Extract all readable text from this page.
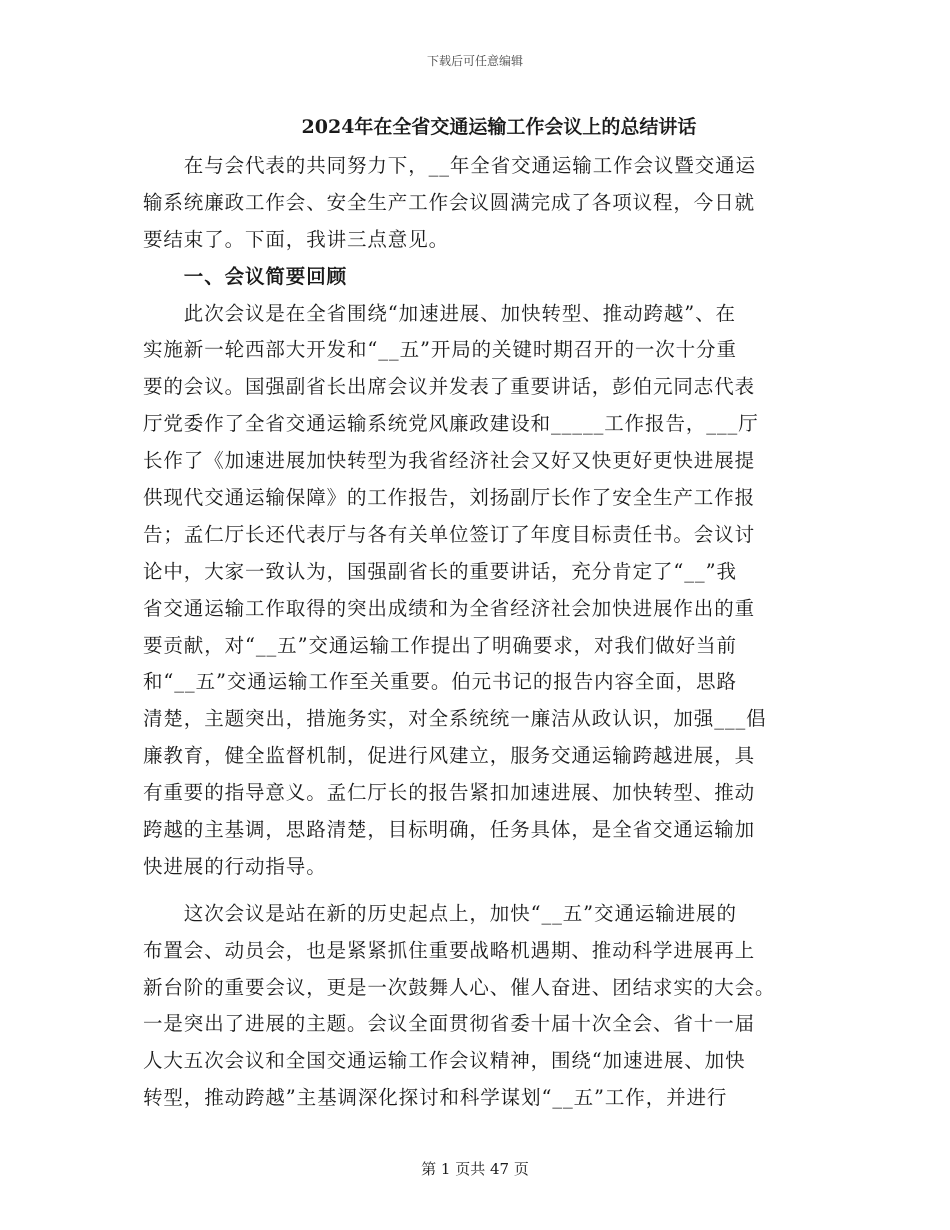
下载后可任意编辑
2024年在全省交通运输工作会议上的总结讲话
　　在与会代表的共同努力下，__年全省交通运输工作会议暨交通运
输系统廉政工作会、安全生产工作会议圆满完成了各项议程，今日就
要结束了。下面，我讲三点意见。
　　一、会议简要回顾
　　此次会议是在全省围绕“加速进展、加快转型、推动跨越”、在
实施新一轮西部大开发和“__五”开局的关键时期召开的一次十分重
要的会议。国强副省长出席会议并发表了重要讲话，彭伯元同志代表
厅党委作了全省交通运输系统党风廉政建设和_____工作报告，___厅
长作了《加速进展加快转型为我省经济社会又好又快更好更快进展提
供现代交通运输保障》的工作报告，刘扬副厅长作了安全生产工作报
告；孟仁厅长还代表厅与各有关单位签订了年度目标责任书。会议讨
论中，大家一致认为，国强副省长的重要讲话，充分肯定了“__”我
省交通运输工作取得的突出成绩和为全省经济社会加快进展作出的重
要贡献，对“__五”交通运输工作提出了明确要求，对我们做好当前
和“__五”交通运输工作至关重要。伯元书记的报告内容全面，思路
清楚，主题突出，措施务实，对全系统统一廉洁从政认识，加强___倡
廉教育，健全监督机制，促进行风建立，服务交通运输跨越进展，具
有重要的指导意义。孟仁厅长的报告紧扣加速进展、加快转型、推动
跨越的主基调，思路清楚，目标明确，任务具体，是全省交通运输加
快进展的行动指导。
　　这次会议是站在新的历史起点上，加快“__五”交通运输进展的
布置会、动员会，也是紧紧抓住重要战略机遇期、推动科学进展再上
新台阶的重要会议，更是一次鼓舞人心、催人奋进、团结求实的大会。
一是突出了进展的主题。会议全面贯彻省委十届十次全会、省十一届
人大五次会议和全国交通运输工作会议精神，围绕“加速进展、加快
转型，推动跨越”主基调深化探讨和科学谋划“__五”工作，并进行
第 1 页共 47 页
